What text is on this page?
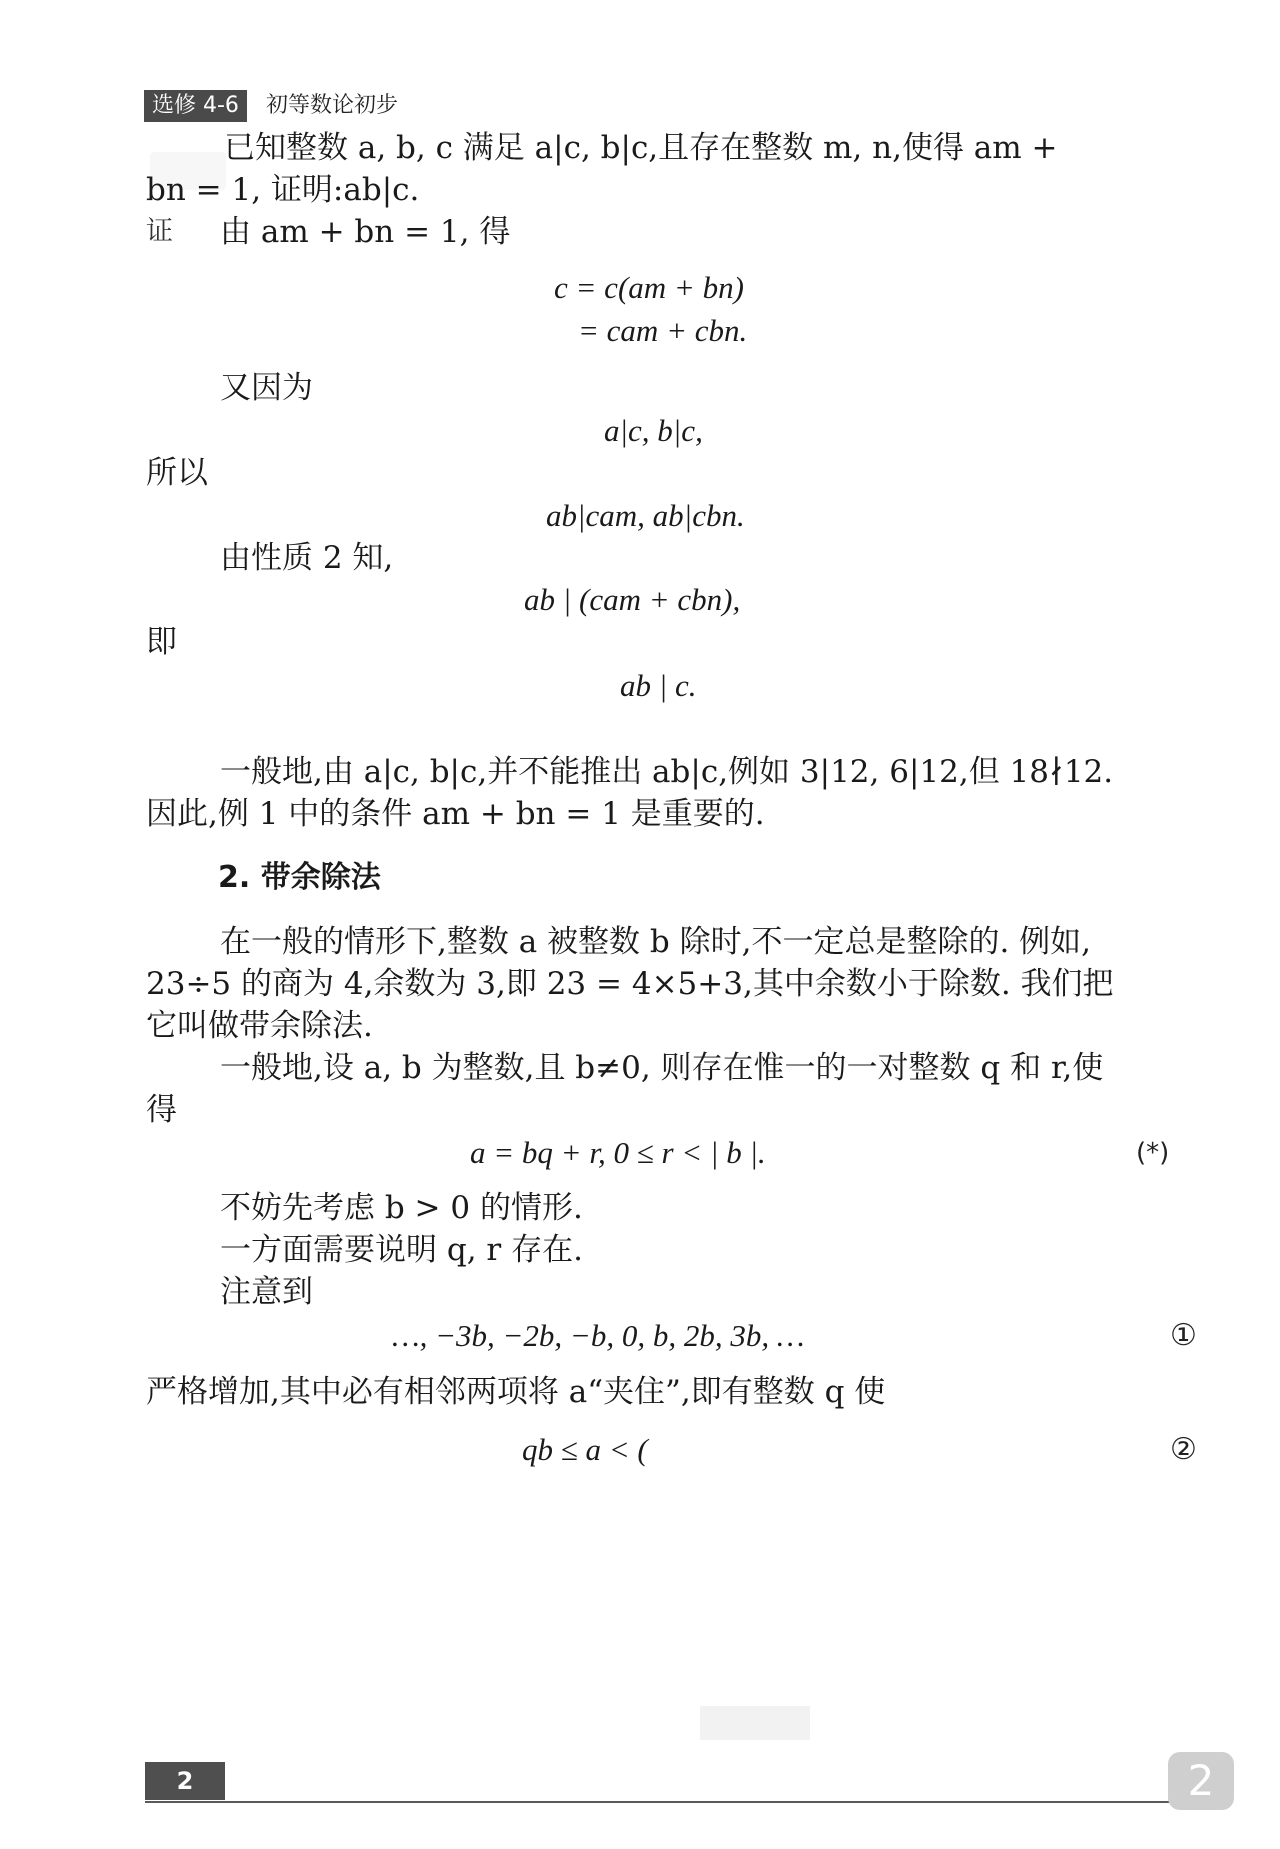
选修 4-6	初等数论初步
已知整数 a, b, c 满足 a|c, b|c,且存在整数 m, n,使得 am +
bn = 1, 证明:ab|c.
证 由 am + bn = 1, 得
c = c(am + bn)
= cam + cbn.
又因为
a|c, b|c,
所以
ab|cam, ab|cbn.
由性质 2 知,
ab | (cam + cbn),
即
ab | c.
一般地,由 a|c, b|c,并不能推出 ab|c,例如 3|12, 6|12,但 18∤12.
因此,例 1 中的条件 am + bn = 1 是重要的.
2. 带余除法
在一般的情形下,整数 a 被整数 b 除时,不一定总是整除的. 例如,
23÷5 的商为 4,余数为 3,即 23 = 4×5+3,其中余数小于除数. 我们把
它叫做带余除法.
一般地,设 a, b 为整数,且 b≠0, 则存在惟一的一对整数 q 和 r,使
得
a = bq + r, 0 ≤ r < | b |.	(*)
不妨先考虑 b > 0 的情形.
一方面需要说明 q, r 存在.
注意到
…, −3b, −2b, −b, 0, b, 2b, 3b, …	①
严格增加,其中必有相邻两项将 a“夹住”,即有整数 q 使
qb ≤ a < (	②
2	2
